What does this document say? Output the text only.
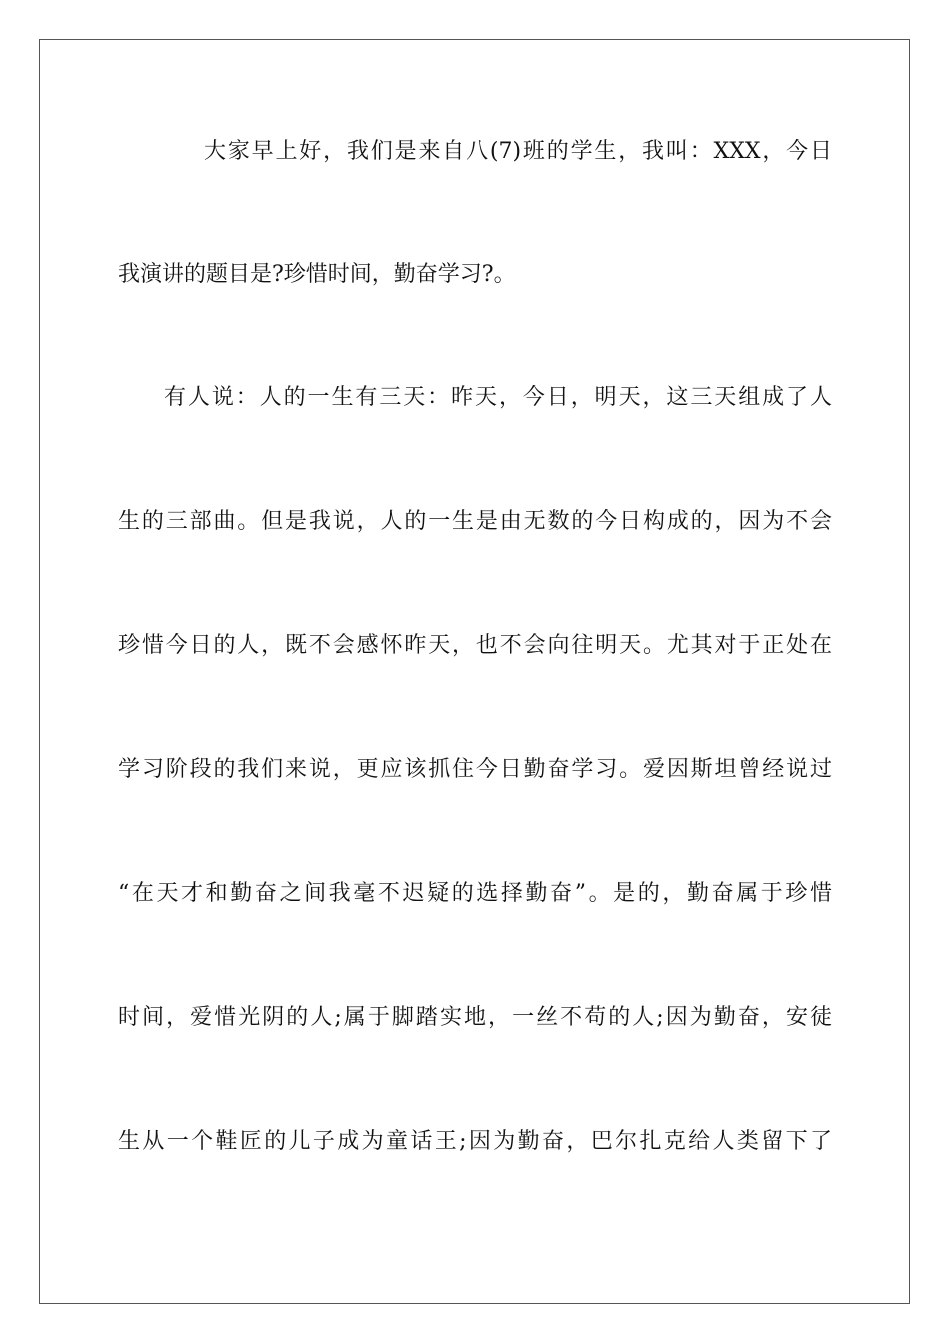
大家早上好，我们是来自八(7)班的学生，我叫：XXX，今日
我演讲的题目是?珍惜时间，勤奋学习?。
有人说：人的一生有三天：昨天，今日，明天，这三天组成了人
生的三部曲。但是我说，人的一生是由无数的今日构成的，因为不会
珍惜今日的人，既不会感怀昨天，也不会向往明天。尤其对于正处在
学习阶段的我们来说，更应该抓住今日勤奋学习。爱因斯坦曾经说过
“在天才和勤奋之间我毫不迟疑的选择勤奋”。是的，勤奋属于珍惜
时间，爱惜光阴的人;属于脚踏实地，一丝不苟的人;因为勤奋，安徒
生从一个鞋匠的儿子成为童话王;因为勤奋，巴尔扎克给人类留下了
